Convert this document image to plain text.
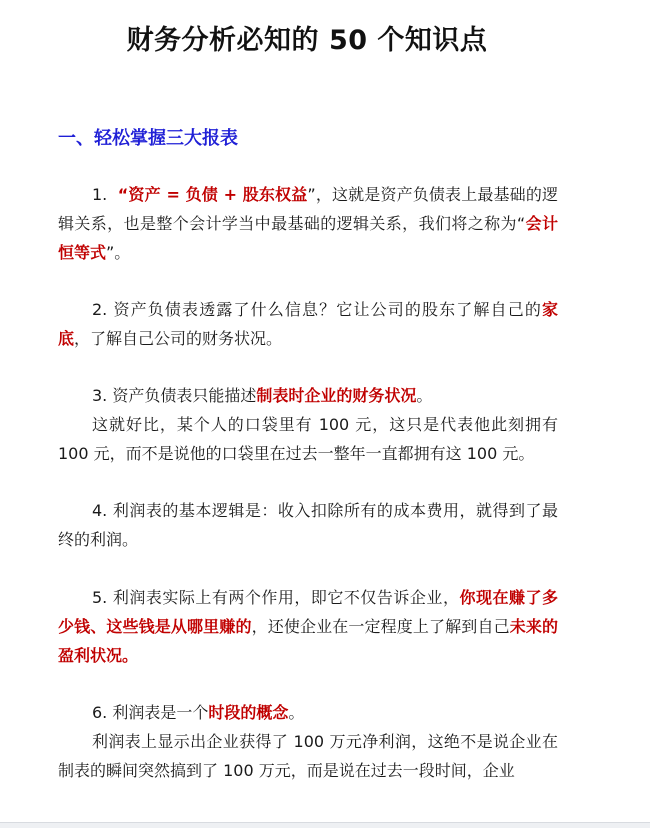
财务分析必知的 50 个知识点
一、轻松掌握三大报表
1. “资产 = 负债 + 股东权益”，这就是资产负债表上最基础的逻辑关系，也是整个会计学当中最基础的逻辑关系，我们将之称为“会计恒等式”。
2. 资产负债表透露了什么信息？它让公司的股东了解自己的家底，了解自己公司的财务状况。
3. 资产负债表只能描述制表时企业的财务状况。
这就好比，某个人的口袋里有 100 元，这只是代表他此刻拥有 100 元，而不是说他的口袋里在过去一整年一直都拥有这 100 元。
4. 利润表的基本逻辑是：收入扣除所有的成本费用，就得到了最终的利润。
5. 利润表实际上有两个作用，即它不仅告诉企业，你现在赚了多少钱、这些钱是从哪里赚的，还使企业在一定程度上了解到自己未来的盈利状况。
6. 利润表是一个时段的概念。
利润表上显示出企业获得了 100 万元净利润，这绝不是说企业在制表的瞬间突然搞到了 100 万元，而是说在过去一段时间，企业
